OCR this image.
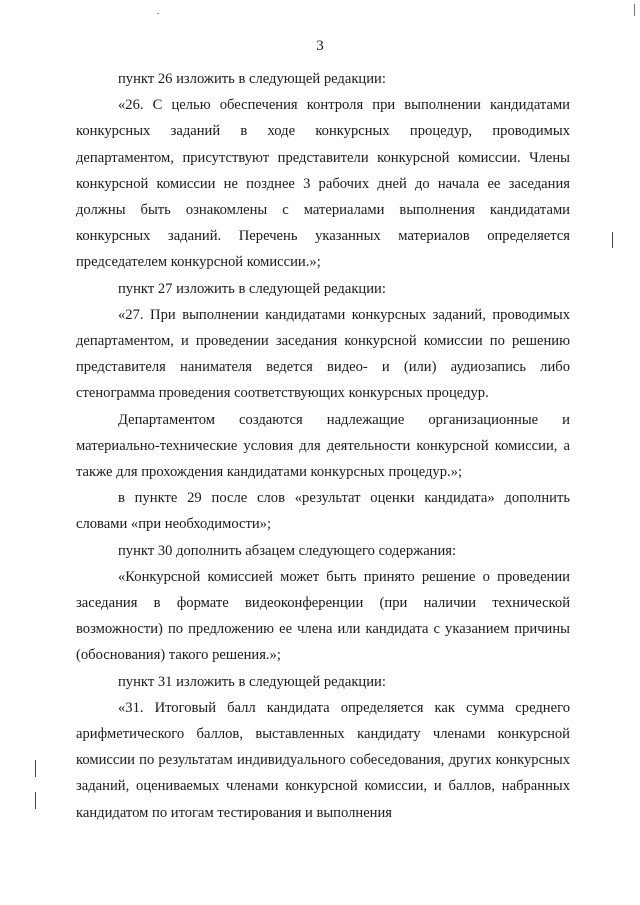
3

пункт 26 изложить в следующей редакции:

«26. С целью обеспечения контроля при выполнении кандидатами конкурсных заданий в ходе конкурсных процедур, проводимых департаментом, присутствуют представители конкурсной комиссии. Члены конкурсной комиссии не позднее 3 рабочих дней до начала ее заседания должны быть ознакомлены с материалами выполнения кандидатами конкурсных заданий. Перечень указанных материалов определяется председателем конкурсной комиссии.»;

пункт 27 изложить в следующей редакции:

«27. При выполнении кандидатами конкурсных заданий, проводимых департаментом, и проведении заседания конкурсной комиссии по решению представителя нанимателя ведется видео- и (или) аудиозапись либо стенограмма проведения соответствующих конкурсных процедур.

Департаментом создаются надлежащие организационные и материально-технические условия для деятельности конкурсной комиссии, а также для прохождения кандидатами конкурсных процедур.»;

в пункте 29 после слов «результат оценки кандидата» дополнить словами «при необходимости»;

пункт 30 дополнить абзацем следующего содержания:

«Конкурсной комиссией может быть принято решение о проведении заседания в формате видеоконференции (при наличии технической возможности) по предложению ее члена или кандидата с указанием причины (обоснования) такого решения.»;

пункт 31 изложить в следующей редакции:

«31. Итоговый балл кандидата определяется как сумма среднего арифметического баллов, выставленных кандидату членами конкурсной комиссии по результатам индивидуального собеседования, других конкурсных заданий, оцениваемых членами конкурсной комиссии, и баллов, набранных кандидатом по итогам тестирования и выполнения
